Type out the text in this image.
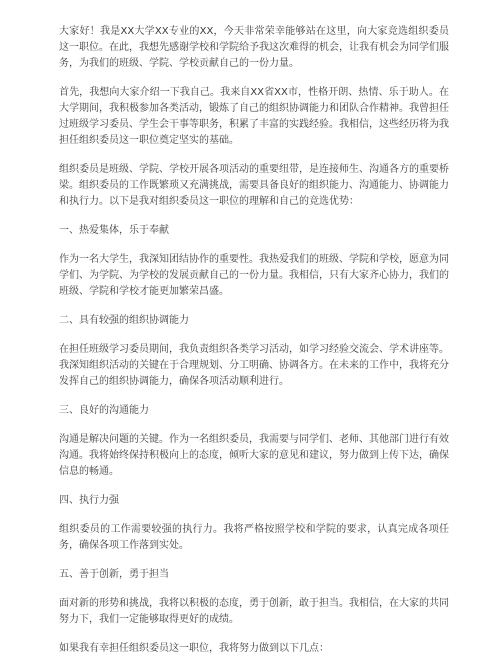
大家好！我是XX大学XX专业的XX，今天非常荣幸能够站在这里，向大家竞选组织委员这一职位。在此，我想先感谢学校和学院给予我这次难得的机会，让我有机会为同学们服务，为我们的班级、学院、学校贡献自己的一份力量。

首先，我想向大家介绍一下我自己。我来自XX省XX市，性格开朗、热情、乐于助人。在大学期间，我积极参加各类活动，锻炼了自己的组织协调能力和团队合作精神。我曾担任过班级学习委员、学生会干事等职务，积累了丰富的实践经验。我相信，这些经历将为我担任组织委员这一职位奠定坚实的基础。

组织委员是班级、学院、学校开展各项活动的重要纽带，是连接师生、沟通各方的重要桥梁。组织委员的工作既繁琐又充满挑战，需要具备良好的组织能力、沟通能力、协调能力和执行力。以下是我对组织委员这一职位的理解和自己的竞选优势：

一、热爱集体，乐于奉献

作为一名大学生，我深知团结协作的重要性。我热爱我们的班级、学院和学校，愿意为同学们、为学院、为学校的发展贡献自己的一份力量。我相信，只有大家齐心协力，我们的班级、学院和学校才能更加繁荣昌盛。

二、具有较强的组织协调能力

在担任班级学习委员期间，我负责组织各类学习活动，如学习经验交流会、学术讲座等。我深知组织活动的关键在于合理规划、分工明确、协调各方。在未来的工作中，我将充分发挥自己的组织协调能力，确保各项活动顺利进行。

三、良好的沟通能力

沟通是解决问题的关键。作为一名组织委员，我需要与同学们、老师、其他部门进行有效沟通。我将始终保持积极向上的态度，倾听大家的意见和建议，努力做到上传下达，确保信息的畅通。

四、执行力强

组织委员的工作需要较强的执行力。我将严格按照学校和学院的要求，认真完成各项任务，确保各项工作落到实处。

五、善于创新，勇于担当

面对新的形势和挑战，我将以积极的态度，勇于创新，敢于担当。我相信，在大家的共同努力下，我们一定能够取得更好的成绩。

如果我有幸担任组织委员这一职位，我将努力做到以下几点：
